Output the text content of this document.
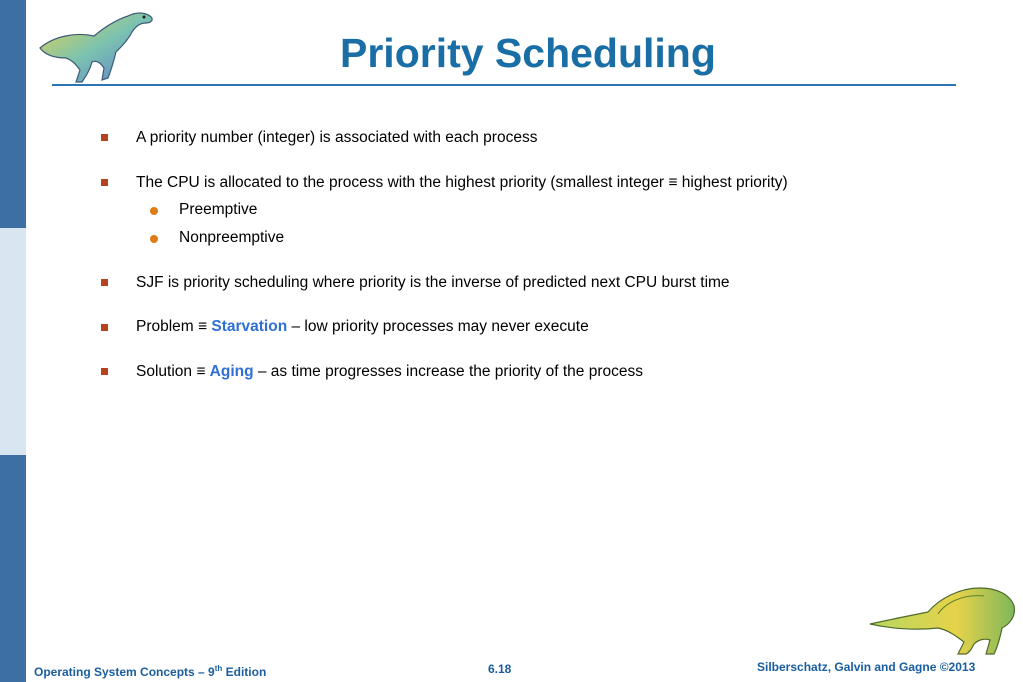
Priority Scheduling
A priority number (integer) is associated with each process
The CPU is allocated to the process with the highest priority (smallest integer ≡ highest priority)
Preemptive
Nonpreemptive
SJF is priority scheduling where priority is the inverse of predicted next CPU burst time
Problem ≡ Starvation – low priority processes may never execute
Solution ≡ Aging – as time progresses increase the priority of the process
Operating System Concepts – 9th Edition	6.18	Silberschatz, Galvin and Gagne ©2013
